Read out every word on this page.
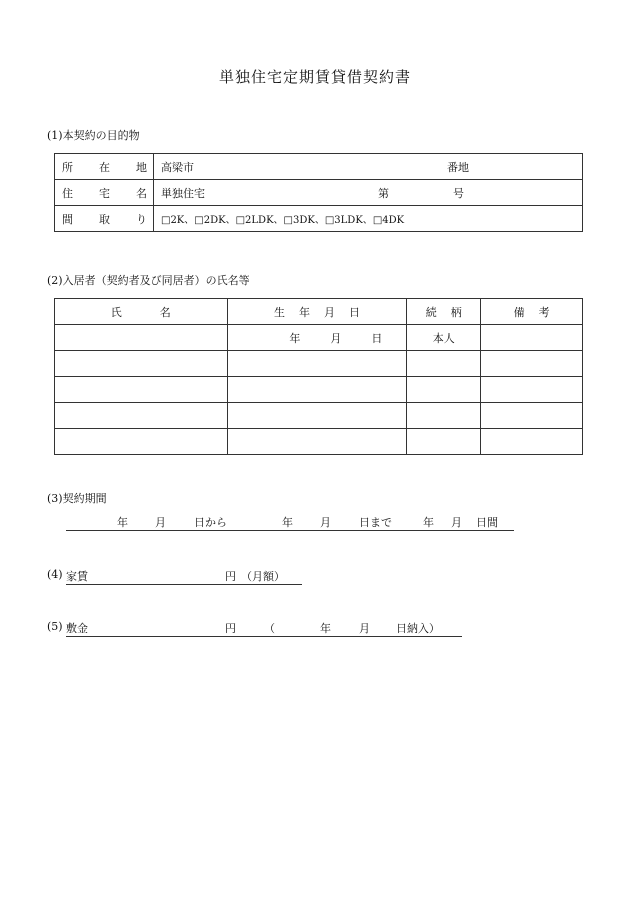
単独住宅定期賃貸借契約書
(1)本契約の目的物
所 在 地	高梁市 番地

住 宅 名	単独住宅 第 号

間 取 り	□2K、□2DK、□2LDK、□3DK、□3LDK、□4DK
(2)入居者（契約者及び同居者）の氏名等
氏 名	生 年 月 日	続 柄	備 考

	年 月 日	本人	

(3)契約期間
年 月	日から	年 月	日まで	年 月 日間
(4) 家賃	円 （月額）
(5) 敷金	円	（	年	月 日納入）
